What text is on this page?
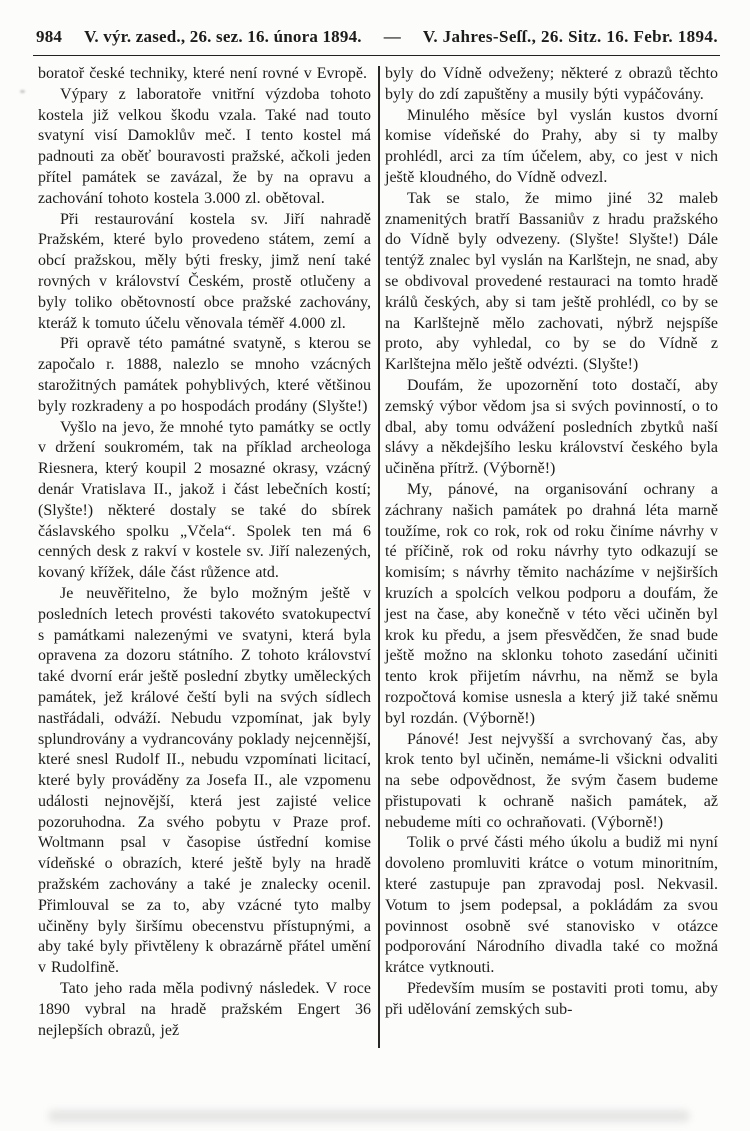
984 V. výr. zased., 26. sez. 16. února 1894. — V. Jahres-Seſſ., 26. Sitz. 16. Febr. 1894.

boratoř české techniky, které není rovné v Evropě.

Výpary z laboratoře vnitřní výzdoba tohoto kostela již velkou škodu vzala. Také nad touto svatyní visí Damoklův meč. I tento kostel má padnouti za oběť bouravosti pražské, ačkoli jeden přítel památek se zavázal, že by na opravu a zachování tohoto kostela 3.000 zl. obětoval.

Při restaurování kostela sv. Jiří nahradě Pražském, které bylo provedeno státem, zemí a obcí pražskou, měly býti fresky, jimž není také rovných v království Českém, prostě otlučeny a byly toliko obětovností obce pražské zachovány, kteráž k tomuto účelu věnovala téměř 4.000 zl.

Při opravě této památné svatyně, s kterou se započalo r. 1888, nalezlo se mnoho vzácných starožitných památek pohyblivých, které většinou byly rozkradeny a po hospodách prodány (Slyšte!)

Vyšlo na jevo, že mnohé tyto památky se octly v držení soukromém, tak na příklad archeologa Riesnera, který koupil 2 mosazné okrasy, vzácný denár Vratislava II., jakož i část lebečních kostí; (Slyšte!) některé dostaly se také do sbírek čáslavského spolku „Včela“. Spolek ten má 6 cenných desk z rakví v kostele sv. Jiří nalezených, kovaný křížek, dále část růžence atd.

Je neuvěřitelno, že bylo možným ještě v posledních letech provésti takovéto svatokupectví s památkami nalezenými ve svatyni, která byla opravena za dozoru státního. Z tohoto království také dvorní erár ještě poslední zbytky uměleckých památek, jež králové čeští byli na svých sídlech nastřádali, odváží. Nebudu vzpomínat, jak byly splundrovány a vydrancovány poklady nejcennější, které snesl Rudolf II., nebudu vzpomínati licitací, které byly prováděny za Josefa II., ale vzpomenu události nejnovější, která jest zajisté velice pozoruhodna. Za svého pobytu v Praze prof. Woltmann psal v časopise ústřední komise vídeňské o obrazích, které ještě byly na hradě pražském zachovány a také je znalecky ocenil. Přimlouval se za to, aby vzácné tyto malby učiněny byly širšímu obecenstvu přístupnými, a aby také byly přivtěleny k obrazárně přátel umění v Rudolfině.

Tato jeho rada měla podivný následek. V roce 1890 vybral na hradě pražském Engert 36 nejlepších obrazů, jež

byly do Vídně odveženy; některé z obrazů těchto byly do zdí zapuštěny a musily býti vypáčovány.

Minulého měsíce byl vyslán kustos dvorní komise vídeňské do Prahy, aby si ty malby prohlédl, arci za tím účelem, aby, co jest v nich ještě kloudného, do Vídně odvezl.

Tak se stalo, že mimo jiné 32 maleb znamenitých bratří Bassaniův z hradu pražského do Vídně byly odvezeny. (Slyšte! Slyšte!) Dále tentýž znalec byl vyslán na Karlštejn, ne snad, aby se obdivoval provedené restauraci na tomto hradě králů českých, aby si tam ještě prohlédl, co by se na Karlštejně mělo zachovati, nýbrž nejspíše proto, aby vyhledal, co by se do Vídně z Karlštejna mělo ještě odvézti. (Slyšte!)

Doufám, že upozornění toto dostačí, aby zemský výbor vědom jsa si svých povinností, o to dbal, aby tomu odvážení posledních zbytků naší slávy a někdejšího lesku království českého byla učiněna přítrž. (Výborně!)

My, pánové, na organisování ochrany a záchrany našich památek po drahná léta marně toužíme, rok co rok, rok od roku činíme návrhy v té příčině, rok od roku návrhy tyto odkazují se komisím; s návrhy těmito nacházíme v nejširších kruzích a spolcích velkou podporu a doufám, že jest na čase, aby konečně v této věci učiněn byl krok ku předu, a jsem přesvědčen, že snad bude ještě možno na sklonku tohoto zasedání učiniti tento krok přijetím návrhu, na němž se byla rozpočtová komise usnesla a který již také sněmu byl rozdán. (Výborně!)

Pánové! Jest nejvyšší a svrchovaný čas, aby krok tento byl učiněn, nemáme-li všickni odvaliti na sebe odpovědnost, že svým časem budeme přistupovati k ochraně našich památek, až nebudeme míti co ochraňovati. (Výborně!)

Tolik o prvé části mého úkolu a budiž mi nyní dovoleno promluviti krátce o votum minoritním, které zastupuje pan zpravodaj posl. Nekvasil. Votum to jsem podepsal, a pokládám za svou povinnost osobně své stanovisko v otázce podporování Národního divadla také co možná krátce vytknouti.

Především musím se postaviti proti tomu, aby při udělování zemských sub-
